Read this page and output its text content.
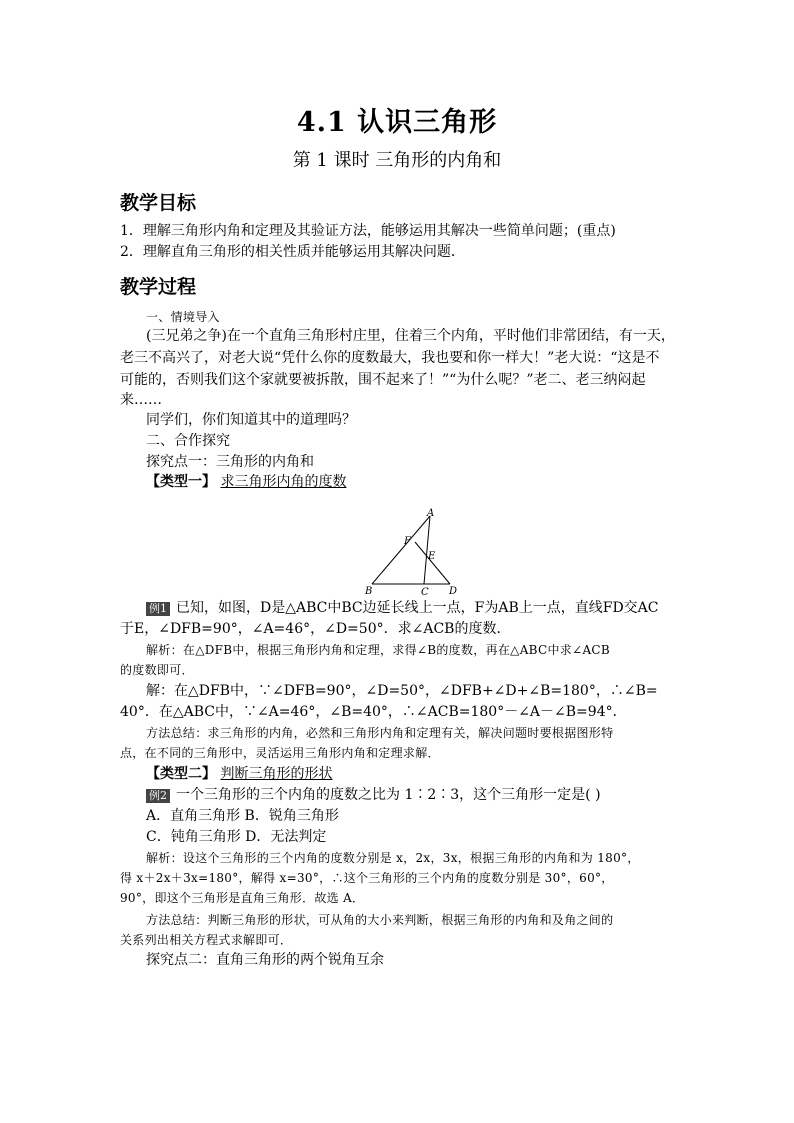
4.1 认识三角形
第 1 课时 三角形的内角和
教学目标
1．理解三角形内角和定理及其验证方法，能够运用其解决一些简单问题；(重点)
2．理解直角三角形的相关性质并能够运用其解决问题．
教学过程
一、情境导入
(三兄弟之争)在一个直角三角形村庄里，住着三个内角，平时他们非常团结，有一天，
老三不高兴了，对老大说“凭什么你的度数最大，我也要和你一样大！”老大说：“这是不
可能的，否则我们这个家就要被拆散，围不起来了！”“为什么呢？”老二、老三纳闷起
来……
同学们，你们知道其中的道理吗？
二、合作探究
探究点一：三角形的内角和
【类型一】 求三角形内角的度数
A
B	C D
E
F
例1 已知，如图，D是△ABC中BC边延长线上一点，F为AB上一点，直线FD交AC
于E，∠DFB=90°，∠A=46°，∠D=50°．求∠ACB的度数．
解析：在△DFB中，根据三角形内角和定理，求得∠B的度数，再在△ABC中求∠ACB
的度数即可．
解：在△DFB中，∵∠DFB=90°，∠D=50°，∠DFB+∠D+∠B=180°，∴∠B=
40°．在△ABC中，∵∠A=46°，∠B=40°，∴∠ACB=180°－∠A－∠B=94°．
方法总结：求三角形的内角，必然和三角形内角和定理有关，解决问题时要根据图形特
点，在不同的三角形中，灵活运用三角形内角和定理求解．
【类型二】 判断三角形的形状
例2 一个三角形的三个内角的度数之比为 1∶2∶3，这个三角形一定是( )
A．直角三角形 B．锐角三角形
C．钝角三角形 D．无法判定
解析：设这个三角形的三个内角的度数分别是 x，2x，3x，根据三角形的内角和为 180°，
得 x＋2x＋3x=180°，解得 x=30°，∴这个三角形的三个内角的度数分别是 30°，60°，
90°，即这个三角形是直角三角形．故选 A．
方法总结：判断三角形的形状，可从角的大小来判断，根据三角形的内角和及角之间的
关系列出相关方程式求解即可．
探究点二：直角三角形的两个锐角互余
